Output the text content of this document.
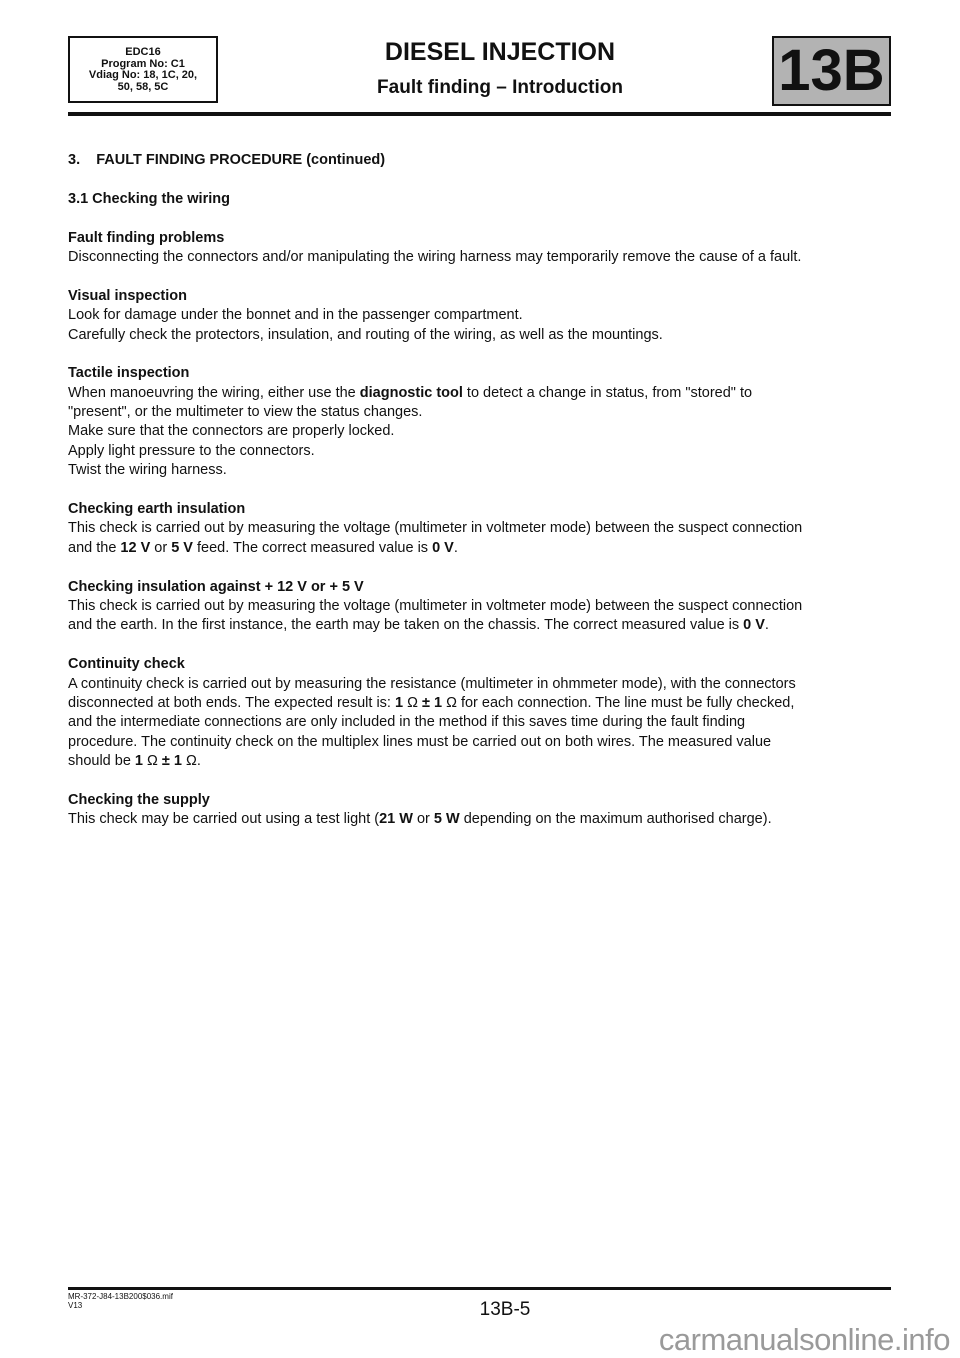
EDC16
Program No: C1
Vdiag No: 18, 1C, 20,
50, 58, 5C
DIESEL INJECTION
Fault finding – Introduction	13B
3.    FAULT FINDING PROCEDURE (continued)
3.1 Checking the wiring
Fault finding problems
Disconnecting the connectors and/or manipulating the wiring harness may temporarily remove the cause of a fault.
Visual inspection
Look for damage under the bonnet and in the passenger compartment.
Carefully check the protectors, insulation, and routing of the wiring, as well as the mountings.
Tactile inspection
When manoeuvring the wiring, either use the diagnostic tool to detect a change in status, from "stored" to
"present", or the multimeter to view the status changes.
Make sure that the connectors are properly locked.
Apply light pressure to the connectors.
Twist the wiring harness.
Checking earth insulation
This check is carried out by measuring the voltage (multimeter in voltmeter mode) between the suspect connection
and the 12 V or 5 V feed. The correct measured value is 0 V.
Checking insulation against + 12 V or + 5 V
This check is carried out by measuring the voltage (multimeter in voltmeter mode) between the suspect connection
and the earth. In the first instance, the earth may be taken on the chassis. The correct measured value is 0 V.
Continuity check
A continuity check is carried out by measuring the resistance (multimeter in ohmmeter mode), with the connectors
disconnected at both ends. The expected result is: 1 Ω ± 1 Ω for each connection. The line must be fully checked,
and the intermediate connections are only included in the method if this saves time during the fault finding
procedure. The continuity check on the multiplex lines must be carried out on both wires. The measured value
should be 1 Ω ± 1 Ω.
Checking the supply
This check may be carried out using a test light (21 W or 5 W depending on the maximum authorised charge).
MR-372-J84-13B200$036.mif
V13	13B-5
carmanualsonline.info
